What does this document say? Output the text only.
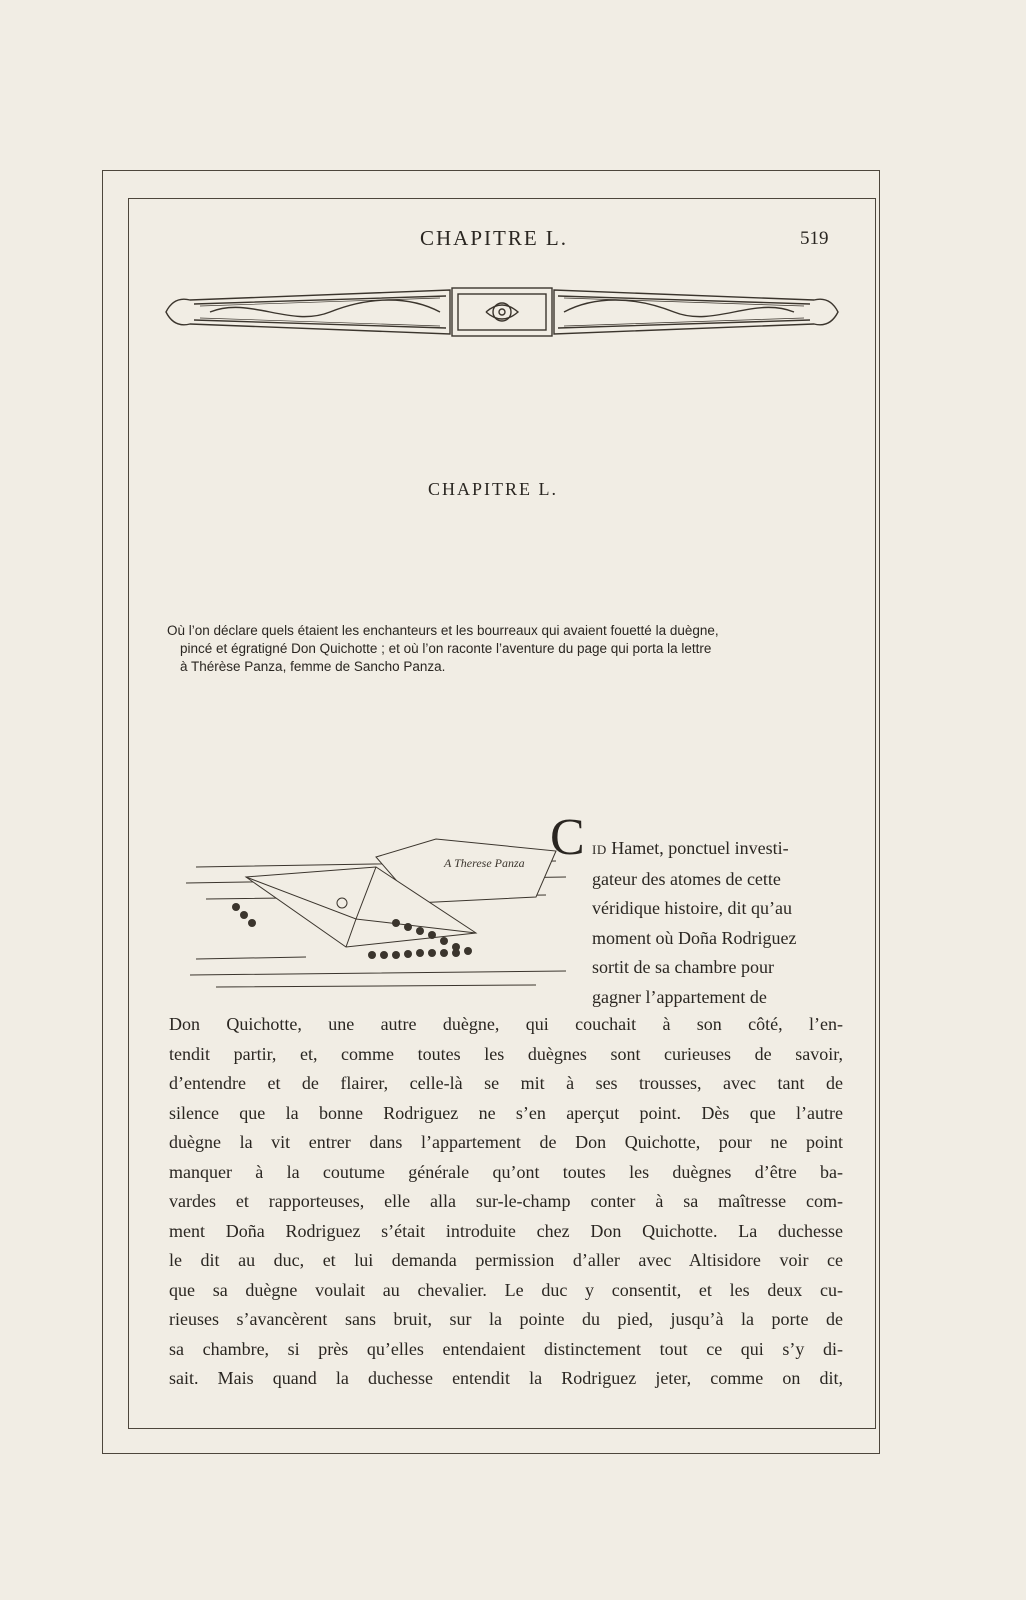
CHAPITRE L.	519
CHAPITRE L.
Où l’on déclare quels étaient les enchanteurs et les bourreaux qui avaient fouetté la duègne,
pincé et égratigné Don Quichotte ; et où l’on raconte l’aventure du page qui porta la lettre
à Thérèse Panza, femme de Sancho Panza.
A Therese Panza C ID Hamet, ponctuel investi-
gateur des atomes de cette
véridique histoire, dit qu’au
moment où Doña Rodriguez
sortit de sa chambre pour
gagner l’appartement de
Don Quichotte, une autre duègne, qui couchait à son côté, l’en-
tendit partir, et, comme toutes les duègnes sont curieuses de savoir,
d’entendre et de flairer, celle-là se mit à ses trousses, avec tant de
silence que la bonne Rodriguez ne s’en aperçut point. Dès que l’autre
duègne la vit entrer dans l’appartement de Don Quichotte, pour ne point
manquer à la coutume générale qu’ont toutes les duègnes d’être ba-
vardes et rapporteuses, elle alla sur-le-champ conter à sa maîtresse com-
ment Doña Rodriguez s’était introduite chez Don Quichotte. La duchesse
le dit au duc, et lui demanda permission d’aller avec Altisidore voir ce
que sa duègne voulait au chevalier. Le duc y consentit, et les deux cu-
rieuses s’avancèrent sans bruit, sur la pointe du pied, jusqu’à la porte de
sa chambre, si près qu’elles entendaient distinctement tout ce qui s’y di-
sait. Mais quand la duchesse entendit la Rodriguez jeter, comme on dit,
